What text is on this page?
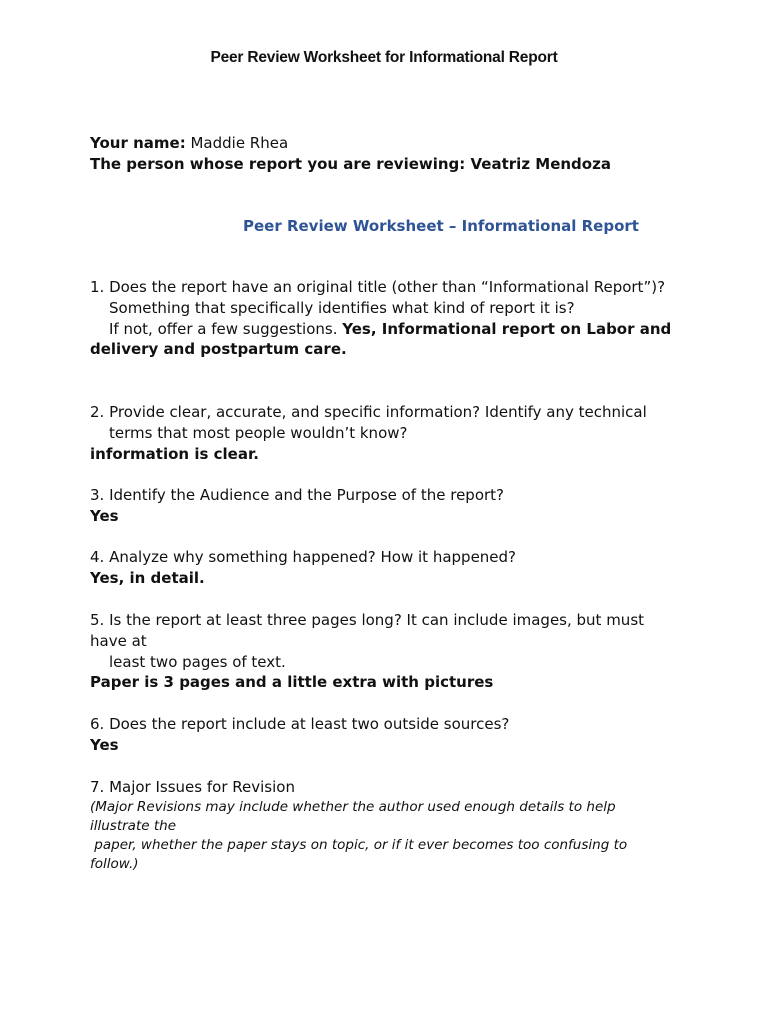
Peer Review Worksheet for Informational Report
Your name: Maddie Rhea
The person whose report you are reviewing: Veatriz Mendoza
Peer Review Worksheet – Informational Report
1. Does the report have an original title (other than “Informational Report”)?
Something that specifically identifies what kind of report it is?
If not, offer a few suggestions. Yes, Informational report on Labor and
delivery and postpartum care.
2. Provide clear, accurate, and specific information? Identify any technical
terms that most people wouldn’t know?
information is clear.
3. Identify the Audience and the Purpose of the report?
Yes
4. Analyze why something happened? How it happened?
Yes, in detail.
5. Is the report at least three pages long? It can include images, but must
have at
least two pages of text.
Paper is 3 pages and a little extra with pictures
6. Does the report include at least two outside sources?
Yes
7. Major Issues for Revision
(Major Revisions may include whether the author used enough details to help
illustrate the
paper, whether the paper stays on topic, or if it ever becomes too confusing to
follow.)
